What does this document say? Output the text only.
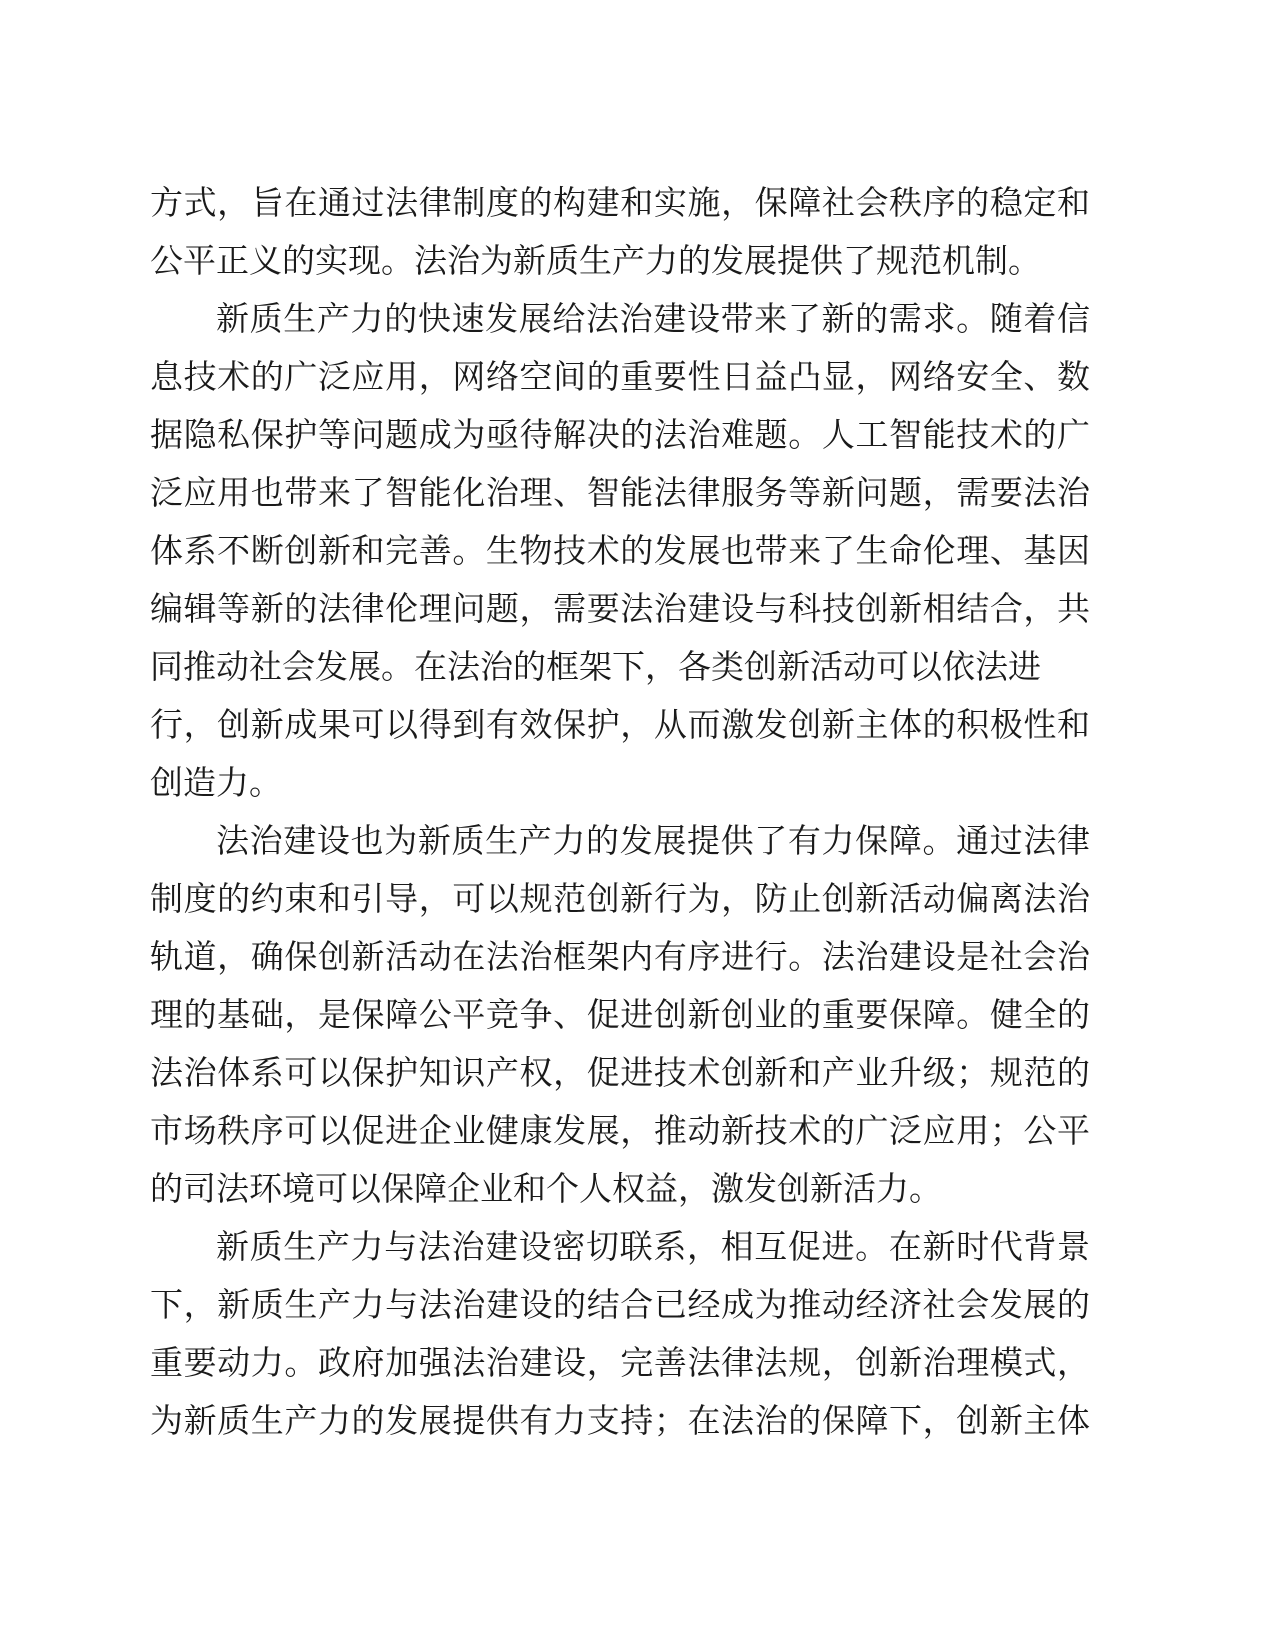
方式，旨在通过法律制度的构建和实施，保障社会秩序的稳定和
公平正义的实现。法治为新质生产力的发展提供了规范机制。
新质生产力的快速发展给法治建设带来了新的需求。随着信
息技术的广泛应用，网络空间的重要性日益凸显，网络安全、数
据隐私保护等问题成为亟待解决的法治难题。人工智能技术的广
泛应用也带来了智能化治理、智能法律服务等新问题，需要法治
体系不断创新和完善。生物技术的发展也带来了生命伦理、基因
编辑等新的法律伦理问题，需要法治建设与科技创新相结合，共
同推动社会发展。在法治的框架下，各类创新活动可以依法进
行，创新成果可以得到有效保护，从而激发创新主体的积极性和
创造力。
法治建设也为新质生产力的发展提供了有力保障。通过法律
制度的约束和引导，可以规范创新行为，防止创新活动偏离法治
轨道，确保创新活动在法治框架内有序进行。法治建设是社会治
理的基础，是保障公平竞争、促进创新创业的重要保障。健全的
法治体系可以保护知识产权，促进技术创新和产业升级；规范的
市场秩序可以促进企业健康发展，推动新技术的广泛应用；公平
的司法环境可以保障企业和个人权益，激发创新活力。
新质生产力与法治建设密切联系，相互促进。在新时代背景
下，新质生产力与法治建设的结合已经成为推动经济社会发展的
重要动力。政府加强法治建设，完善法律法规，创新治理模式，
为新质生产力的发展提供有力支持；在法治的保障下，创新主体
